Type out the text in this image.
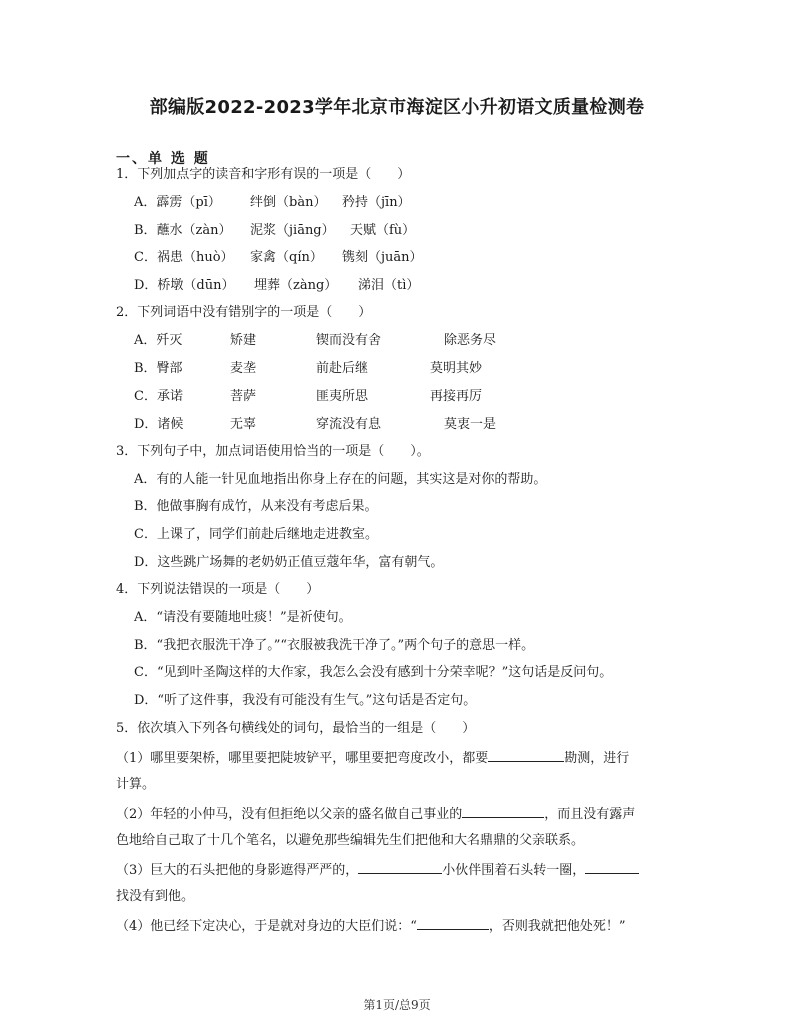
部编版2022-2023学年北京市海淀区小升初语文质量检测卷
一、单 选 题
1．下列加点字的读音和字形有误的一项是（　　）
A．霹雳（pī） 绊倒（bàn） 矜持（jīn）
B．蘸水（zàn） 泥浆（jiāng） 天赋（fù）
C．祸患（huò） 家禽（qín） 镌刻（juān）
D．桥墩（dūn） 埋葬（zàng） 涕泪（tì）
2．下列词语中没有错别字的一项是（　　）
A．歼灭	矫建	锲而没有舍	除恶务尽
B．臀部	麦垄	前赴后继	莫明其妙
C．承诺	菩萨	匪夷所思	再接再厉
D．诸候	无辜	穿流没有息	莫衷一是
3．下列句子中，加点词语使用恰当的一项是（　　）。
A．有的人能一针见血地指出你身上存在的问题，其实这是对你的帮助。
B．他做事胸有成竹，从来没有考虑后果。
C．上课了，同学们前赴后继地走进教室。
D．这些跳广场舞的老奶奶正值豆蔻年华，富有朝气。
4．下列说法错误的一项是（　　）
A．“请没有要随地吐痰！”是祈使句。
B．“我把衣服洗干净了。”“衣服被我洗干净了。”两个句子的意思一样。
C．“见到叶圣陶这样的大作家，我怎么会没有感到十分荣幸呢？”这句话是反问句。
D．“听了这件事，我没有可能没有生气。”这句话是否定句。
5．依次填入下列各句横线处的词句，最恰当的一组是（　　）
（1）哪里要架桥，哪里要把陡坡铲平，哪里要把弯度改小，都要	勘测，进行
计算。
（2）年轻的小仲马，没有但拒绝以父亲的盛名做自己事业的	，而且没有露声
色地给自己取了十几个笔名，以避免那些编辑先生们把他和大名鼎鼎的父亲联系。
（3）巨大的石头把他的身影遮得严严的，	小伙伴围着石头转一圈，
找没有到他。
（4）他已经下定决心，于是就对身边的大臣们说：“	，否则我就把他处死！”
第1页/总9页
